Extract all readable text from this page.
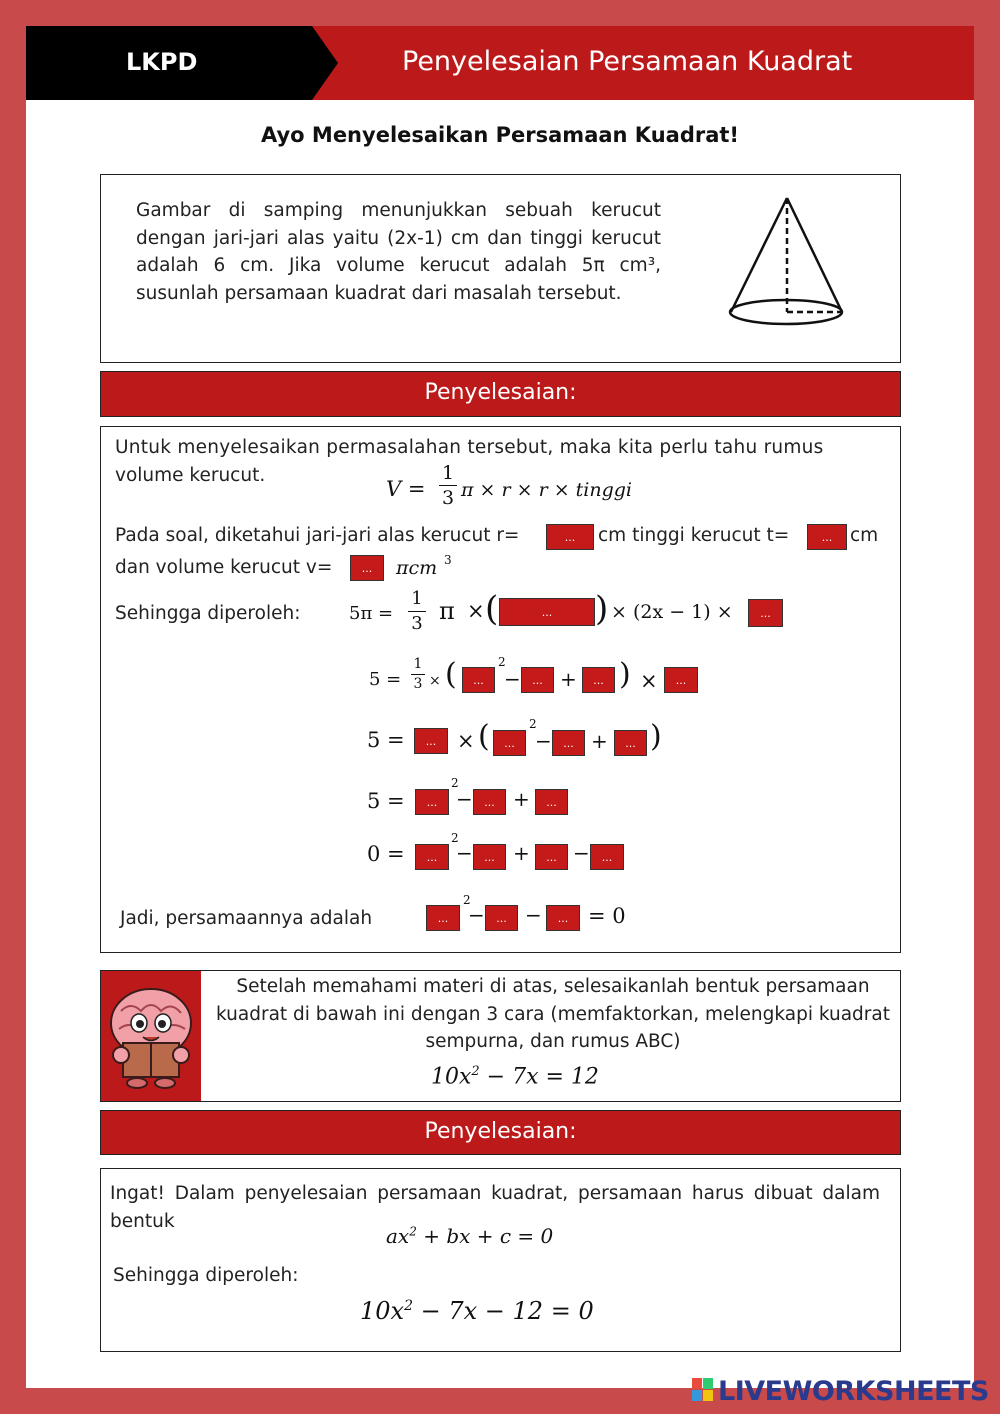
LKPD	Penyelesaian Persamaan Kuadrat
Ayo Menyelesaikan Persamaan Kuadrat!
Gambar di samping menunjukkan sebuah kerucut dengan jari-jari alas yaitu (2x-1) cm dan tinggi kerucut adalah 6 cm. Jika volume kerucut adalah 5π cm³, susunlah persamaan kuadrat dari masalah tersebut.
Penyelesaian:
Untuk menyelesaikan permasalahan tersebut, maka kita perlu tahu rumus
volume kerucut.
$V = \frac{1}{3}$ π × r × r × tinggi
Pada soal, diketahui jari-jari alas kerucut r=	...	cm tinggi kerucut t=	... cm
dan volume kerucut v=	...	πcm 3
Sehingga diperoleh:	$5\pi = \frac{1}{3}$ π × (	...	) × (2x − 1) ×	...
$5 = \frac{1}{3}$ × (	...
2
−	... +	... ) ×	...
5 =	... × (	...
2
−	... +	... )
5 =	...
2
−	... +	...
0 =	...
2
−	... +	... −	...
Jadi, persamaannya adalah	...
2
−	... −	... = 0
Setelah memahami materi di atas, selesaikanlah bentuk persamaan kuadrat di bawah ini dengan 3 cara (memfaktorkan, melengkapi kuadrat sempurna, dan rumus ABC)
$10x^2 - 7x = 12$
Penyelesaian:
Ingat! Dalam penyelesaian persamaan kuadrat, persamaan harus dibuat dalam bentuk
$ax^2$ + bx + c = 0
Sehingga diperoleh:
$10x^2 - 7x - 12 = 0$
LIVEWORKSHEETS
